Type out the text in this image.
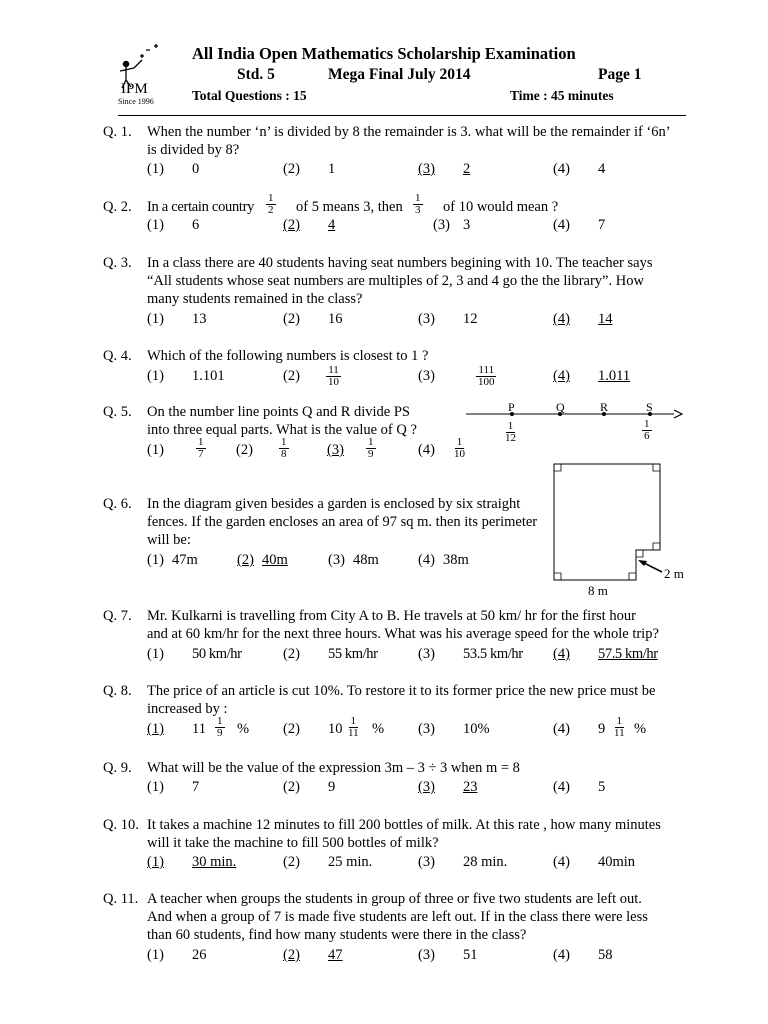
IPM
Since 1996
All India Open Mathematics Scholarship Examination
Std. 5	Mega Final July 2014	Page 1
Total Questions : 15	Time : 45 minutes
Q. 1. When the number ‘n’ is divided by 8 the remainder is 3. what will be the remainder if ‘6n’
is divided by 8?
(1) 0	(2) 1	(3) 2	(4) 4
Q. 2. In a certain country $\frac{1}{2}$ of 5 means 3, then $\frac{1}{3}$ of 10 would mean ?
(1) 6	(2) 4	(3) 3	(4) 7
Q. 3. In a class there are 40 students having seat numbers begining with 10. The teacher says
“All students whose seat numbers are multiples of 2, 3 and 4 go the the library”. How
many students remained in the class?
(1) 13	(2) 16	(3) 12	(4) 14
Q. 4. Which of the following numbers is closest to 1 ?
(1) 1.101	$(2) \frac{11}{10}$	(3)	$\frac{111}{100}$	(4) 1.011
Q. 5. On the number line points Q and R divide PS
into three equal parts. What is the value of Q ?
(1)	$\frac{1}{7} (2) \frac{1}{8}$	$(3) \frac{1}{9}$	$(4) \frac{1}{10}$
P	Q	R	S
$\frac{1}{12}$	$\frac{1}{6}$
Q. 6. In the diagram given besides a garden is enclosed by six straight
fences. If the garden encloses an area of 97 sq m. then its perimeter
will be:
(1) 47m	(2) 40m	(3) 48m	(4) 38m
2 m
8 m
Q. 7. Mr. Kulkarni is travelling from City A to B. He travels at 50 km/ hr for the first hour
and at 60 km/hr for the next three hours. What was his average speed for the whole trip?
(1) 50 km/hr	(2) 55 km/hr	(3) 53.5 km/hr (4) 57.5 km/hr
Q. 8. The price of an article is cut 10%. To restore it to its former price the new price must be
increased by :
(1) $11 \frac{1}{9}$ % (2) $10 \frac{1}{11}$ % (3) 10%	(4) $9 \frac{1}{11}$ %
Q. 9. What will be the value of the expression 3m – 3 ÷ 3 when m = 8
(1) 7	(2) 9	(3) 23	(4) 5
Q. 10. It takes a machine 12 minutes to fill 200 bottles of milk. At this rate , how many minutes
will it take the machine to fill 500 bottles of milk?
(1) 30 min.	(2) 25 min.	(3) 28 min.	(4) 40min
Q. 11. A teacher when groups the students in group of three or five two students are left out.
And when a group of 7 is made five students are left out. If in the class there were less
than 60 students, find how many students were there in the class?
(1) 26	(2) 47	(3) 51	(4) 58
